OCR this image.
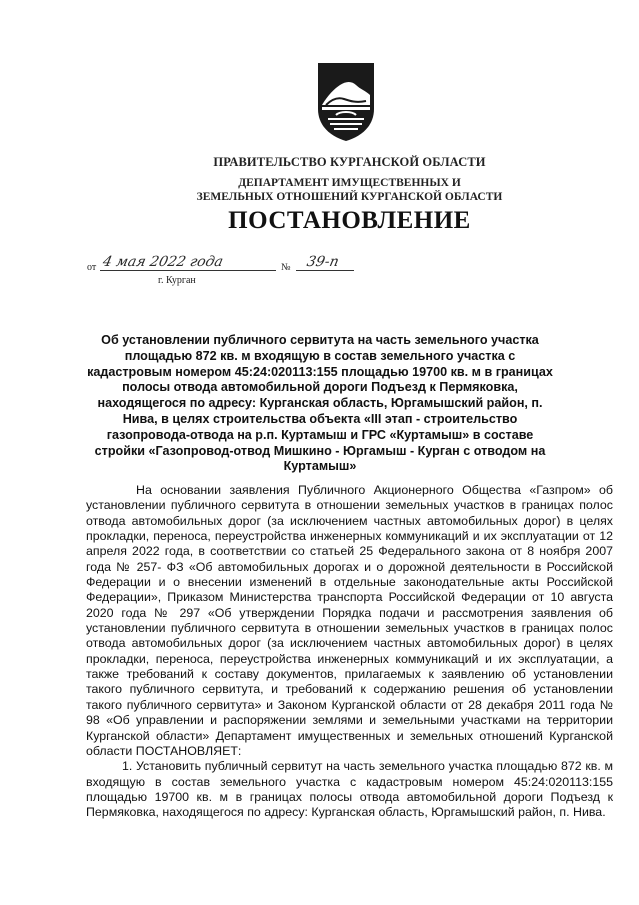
ПРАВИТЕЛЬСТВО КУРГАНСКОЙ ОБЛАСТИ
ДЕПАРТАМЕНТ ИМУЩЕСТВЕННЫХ И
ЗЕМЕЛЬНЫХ ОТНОШЕНИЙ КУРГАНСКОЙ ОБЛАСТИ
ПОСТАНОВЛЕНИЕ
от 4 мая 2022 года	№ 39-п
г. Курган
Об установлении публичного сервитута на часть земельного участка площадью 872 кв. м входящую в состав земельного участка с кадастровым номером 45:24:020113:155 площадью 19700 кв. м в границах полосы отвода автомобильной дороги Подъезд к Пермяковка, находящегося по адресу: Курганская область, Юргамышский район, п. Нива, в целях строительства объекта «III этап - строительство газопровода-отвода на р.п. Куртамыш и ГРС «Куртамыш» в составе стройки «Газопровод-отвод Мишкино - Юргамыш - Курган с отводом на Куртамыш»

На основании заявления Публичного Акционерного Общества «Газпром» об установлении публичного сервитута в отношении земельных участков в границах полос отвода автомобильных дорог (за исключением частных автомобильных дорог) в целях прокладки, переноса, переустройства инженерных коммуникаций и их эксплуатации от 12 апреля 2022 года, в соответствии со статьей 25 Федерального закона от 8 ноября 2007 года № 257- ФЗ «Об автомобильных дорогах и о дорожной деятельности в Российской Федерации и о внесении изменений в отдельные законодательные акты Российской Федерации», Приказом Министерства транспорта Российской Федерации от 10 августа 2020 года № 297 «Об утверждении Порядка подачи и рассмотрения заявления об установлении публичного сервитута в отношении земельных участков в границах полос отвода автомобильных дорог (за исключением частных автомобильных дорог) в целях прокладки, переноса, переустройства инженерных коммуникаций и их эксплуатации, а также требований к составу документов, прилагаемых к заявлению об установлении такого публичного сервитута, и требований к содержанию решения об установлении такого публичного сервитута» и Законом Курганской области от 28 декабря 2011 года № 98 «Об управлении и распоряжении землями и земельными участками на территории Курганской области» Департамент имущественных и земельных отношений Курганской области ПОСТАНОВЛЯЕТ:

1. Установить публичный сервитут на часть земельного участка площадью 872 кв. м входящую в состав земельного участка с кадастровым номером 45:24:020113:155 площадью 19700 кв. м в границах полосы отвода автомобильной дороги Подъезд к Пермяковка, находящегося по адресу: Курганская область, Юргамышский район, п. Нива.
